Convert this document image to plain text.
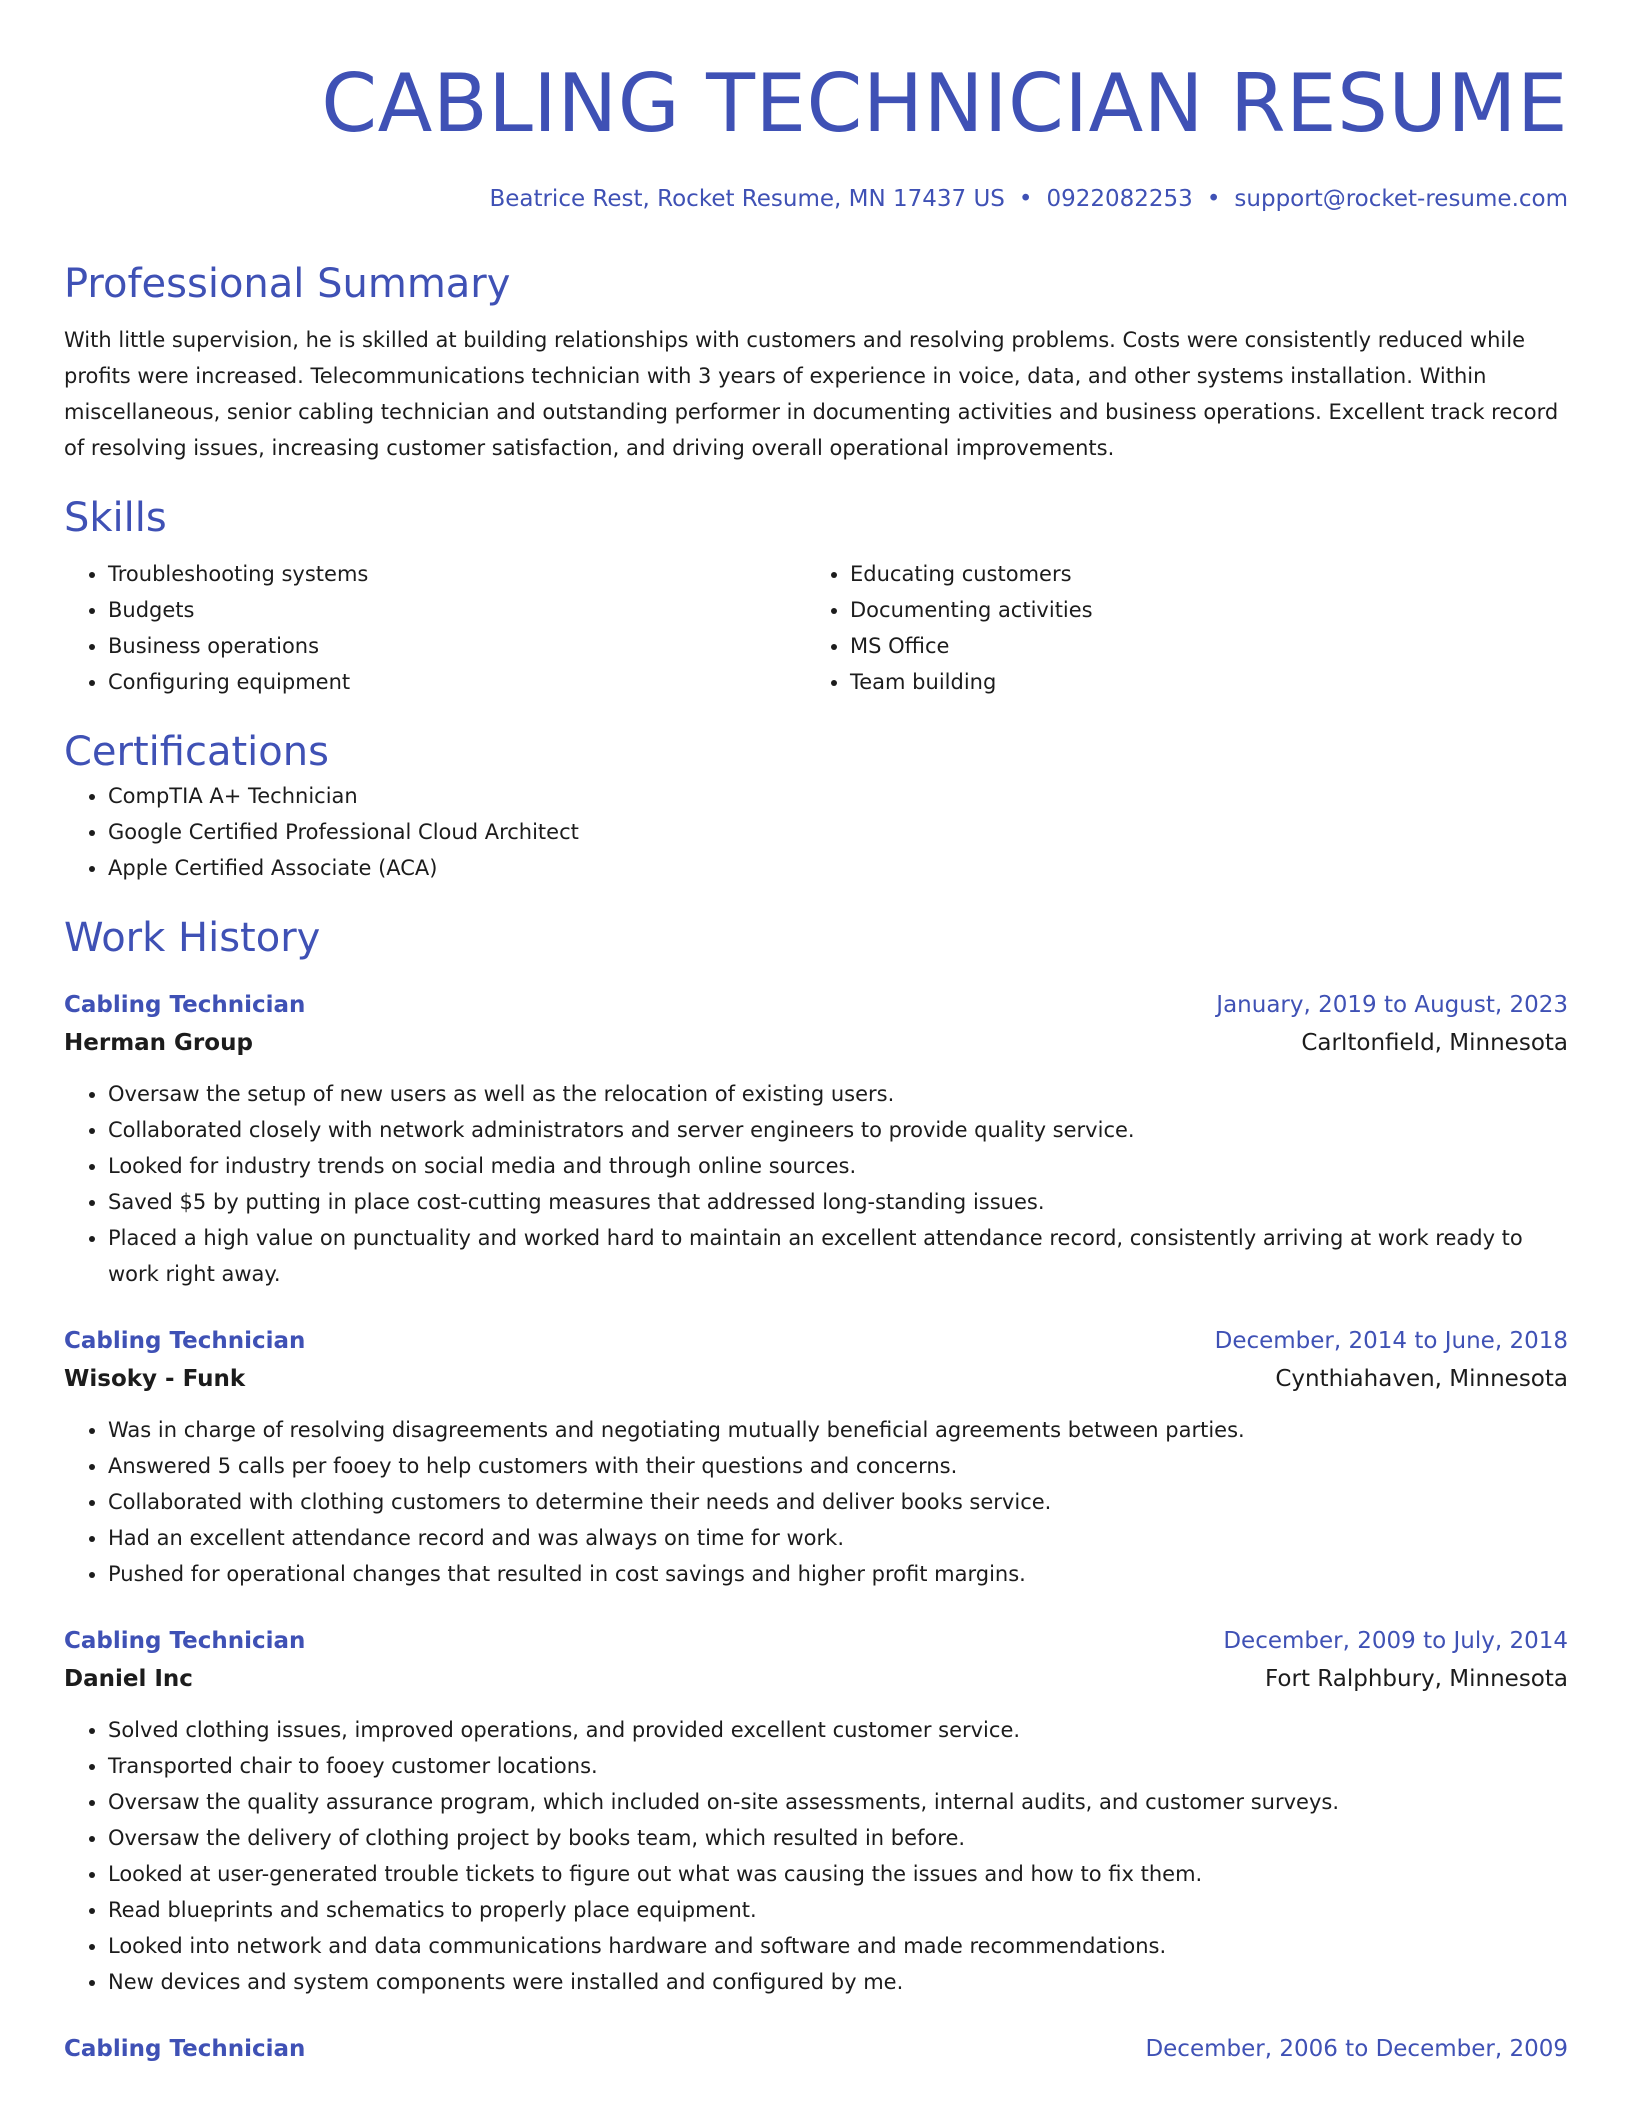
CABLING TECHNICIAN RESUME
Beatrice Rest, Rocket Resume, MN 17437 US • 0922082253 • support@rocket-resume.com
Professional Summary
With little supervision, he is skilled at building relationships with customers and resolving problems. Costs were consistently reduced while profits were increased. Telecommunications technician with 3 years of experience in voice, data, and other systems installation. Within miscellaneous, senior cabling technician and outstanding performer in documenting activities and business operations. Excellent track record of resolving issues, increasing customer satisfaction, and driving overall operational improvements.
Skills
• Troubleshooting systems
• Budgets
• Business operations
• Configuring equipment
• Educating customers
• Documenting activities
• MS Office
• Team building
Certifications
• CompTIA A+ Technician
• Google Certified Professional Cloud Architect
• Apple Certified Associate (ACA)
Work History
Cabling Technician	January, 2019 to August, 2023
Herman Group	Carltonfield, Minnesota
• Oversaw the setup of new users as well as the relocation of existing users.
• Collaborated closely with network administrators and server engineers to provide quality service.
• Looked for industry trends on social media and through online sources.
• Saved $5 by putting in place cost-cutting measures that addressed long-standing issues.
• Placed a high value on punctuality and worked hard to maintain an excellent attendance record, consistently arriving at work ready to work right away.
Cabling Technician	December, 2014 to June, 2018
Wisoky - Funk	Cynthiahaven, Minnesota
• Was in charge of resolving disagreements and negotiating mutually beneficial agreements between parties.
• Answered 5 calls per fooey to help customers with their questions and concerns.
• Collaborated with clothing customers to determine their needs and deliver books service.
• Had an excellent attendance record and was always on time for work.
• Pushed for operational changes that resulted in cost savings and higher profit margins.
Cabling Technician	December, 2009 to July, 2014
Daniel Inc	Fort Ralphbury, Minnesota
• Solved clothing issues, improved operations, and provided excellent customer service.
• Transported chair to fooey customer locations.
• Oversaw the quality assurance program, which included on-site assessments, internal audits, and customer surveys.
• Oversaw the delivery of clothing project by books team, which resulted in before.
• Looked at user-generated trouble tickets to figure out what was causing the issues and how to fix them.
• Read blueprints and schematics to properly place equipment.
• Looked into network and data communications hardware and software and made recommendations.
• New devices and system components were installed and configured by me.
Cabling Technician	December, 2006 to December, 2009
